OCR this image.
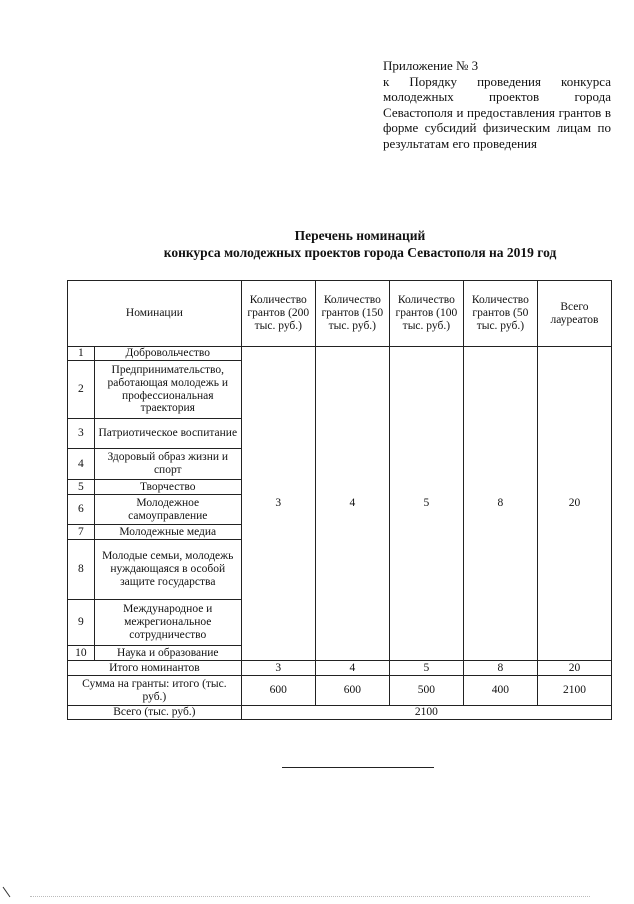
Приложение № 3
к Порядку проведения конкурса молодежных проектов города Севастополя и предоставления грантов в форме субсидий физическим лицам по результатам его проведения
Перечень номинаций
конкурса молодежных проектов города Севастополя на 2019 год
Номинации		Количество грантов (200 тыс. руб.)	Количество грантов (150 тыс. руб.)	Количество грантов (100 тыс. руб.)	Количество грантов (50 тыс. руб.)	Всего лауреатов
1	Добровольчество	3	4	5	8	20
2	Предпринимательство, работающая молодежь и профессиональная траектория					
3	Патриотическое воспитание					
4	Здоровый образ жизни и спорт					
5	Творчество					
6	Молодежное самоуправление					
7	Молодежные медиа					
8	Молодые семьи, молодежь нуждающаяся в особой защите государства					
9	Международное и межрегиональное сотрудничество					
10	Наука и образование					
Итого номинантов		3	4	5	8	20
Сумма на гранты: итого (тыс. руб.)		600	600	500	400	2100
Всего (тыс. руб.)		2100				
